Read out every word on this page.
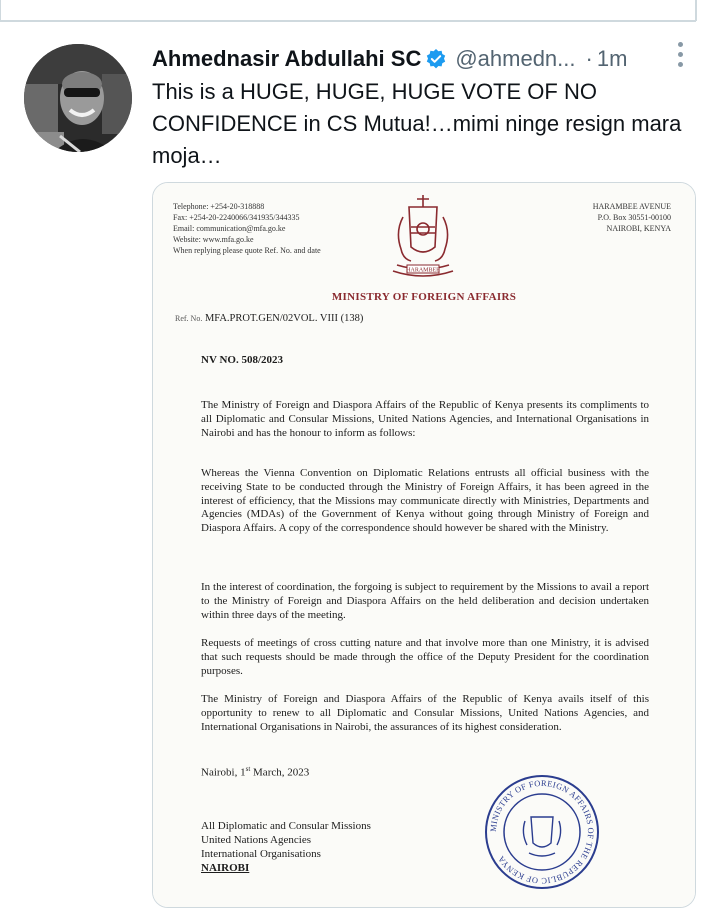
Ahmednasir Abdullahi SC @ahmedn... · 1m
This is a HUGE, HUGE, HUGE VOTE OF NO CONFIDENCE in CS Mutua!…mimi ninge resign mara moja…
Telephone: +254-20-318888
Fax: +254-20-2240066/341935/344335
Email: communication@mfa.go.ke
Website: www.mfa.go.ke
When replying please quote Ref. No. and date
HARAMBEE AVENUE
P.O. Box 30551-00100
NAIROBI, KENYA
HARAMBEE
MINISTRY OF FOREIGN AFFAIRS
Ref. No. MFA.PROT.GEN/02VOL. VIII (138)
NV NO. 508/2023
The Ministry of Foreign and Diaspora Affairs of the Republic of Kenya presents its compliments to all Diplomatic and Consular Missions, United Nations Agencies, and International Organisations in Nairobi and has the honour to inform as follows:
Whereas the Vienna Convention on Diplomatic Relations entrusts all official business with the receiving State to be conducted through the Ministry of Foreign Affairs, it has been agreed in the interest of efficiency, that the Missions may communicate directly with Ministries, Departments and Agencies (MDAs) of the Government of Kenya without going through Ministry of Foreign and Diaspora Affairs. A copy of the correspondence should however be shared with the Ministry.
In the interest of coordination, the forgoing is subject to requirement by the Missions to avail a report to the Ministry of Foreign and Diaspora Affairs on the held deliberation and decision undertaken within three days of the meeting.
Requests of meetings of cross cutting nature and that involve more than one Ministry, it is advised that such requests should be made through the office of the Deputy President for the coordination purposes.
The Ministry of Foreign and Diaspora Affairs of the Republic of Kenya avails itself of this opportunity to renew to all Diplomatic and Consular Missions, United Nations Agencies, and International Organisations in Nairobi, the assurances of its highest consideration.
Nairobi, 1st March, 2023
All Diplomatic and Consular Missions
United Nations Agencies
International Organisations
NAIROBI
MINISTRY OF FOREIGN AFFAIRS OF THE REPUBLIC OF KENYA
